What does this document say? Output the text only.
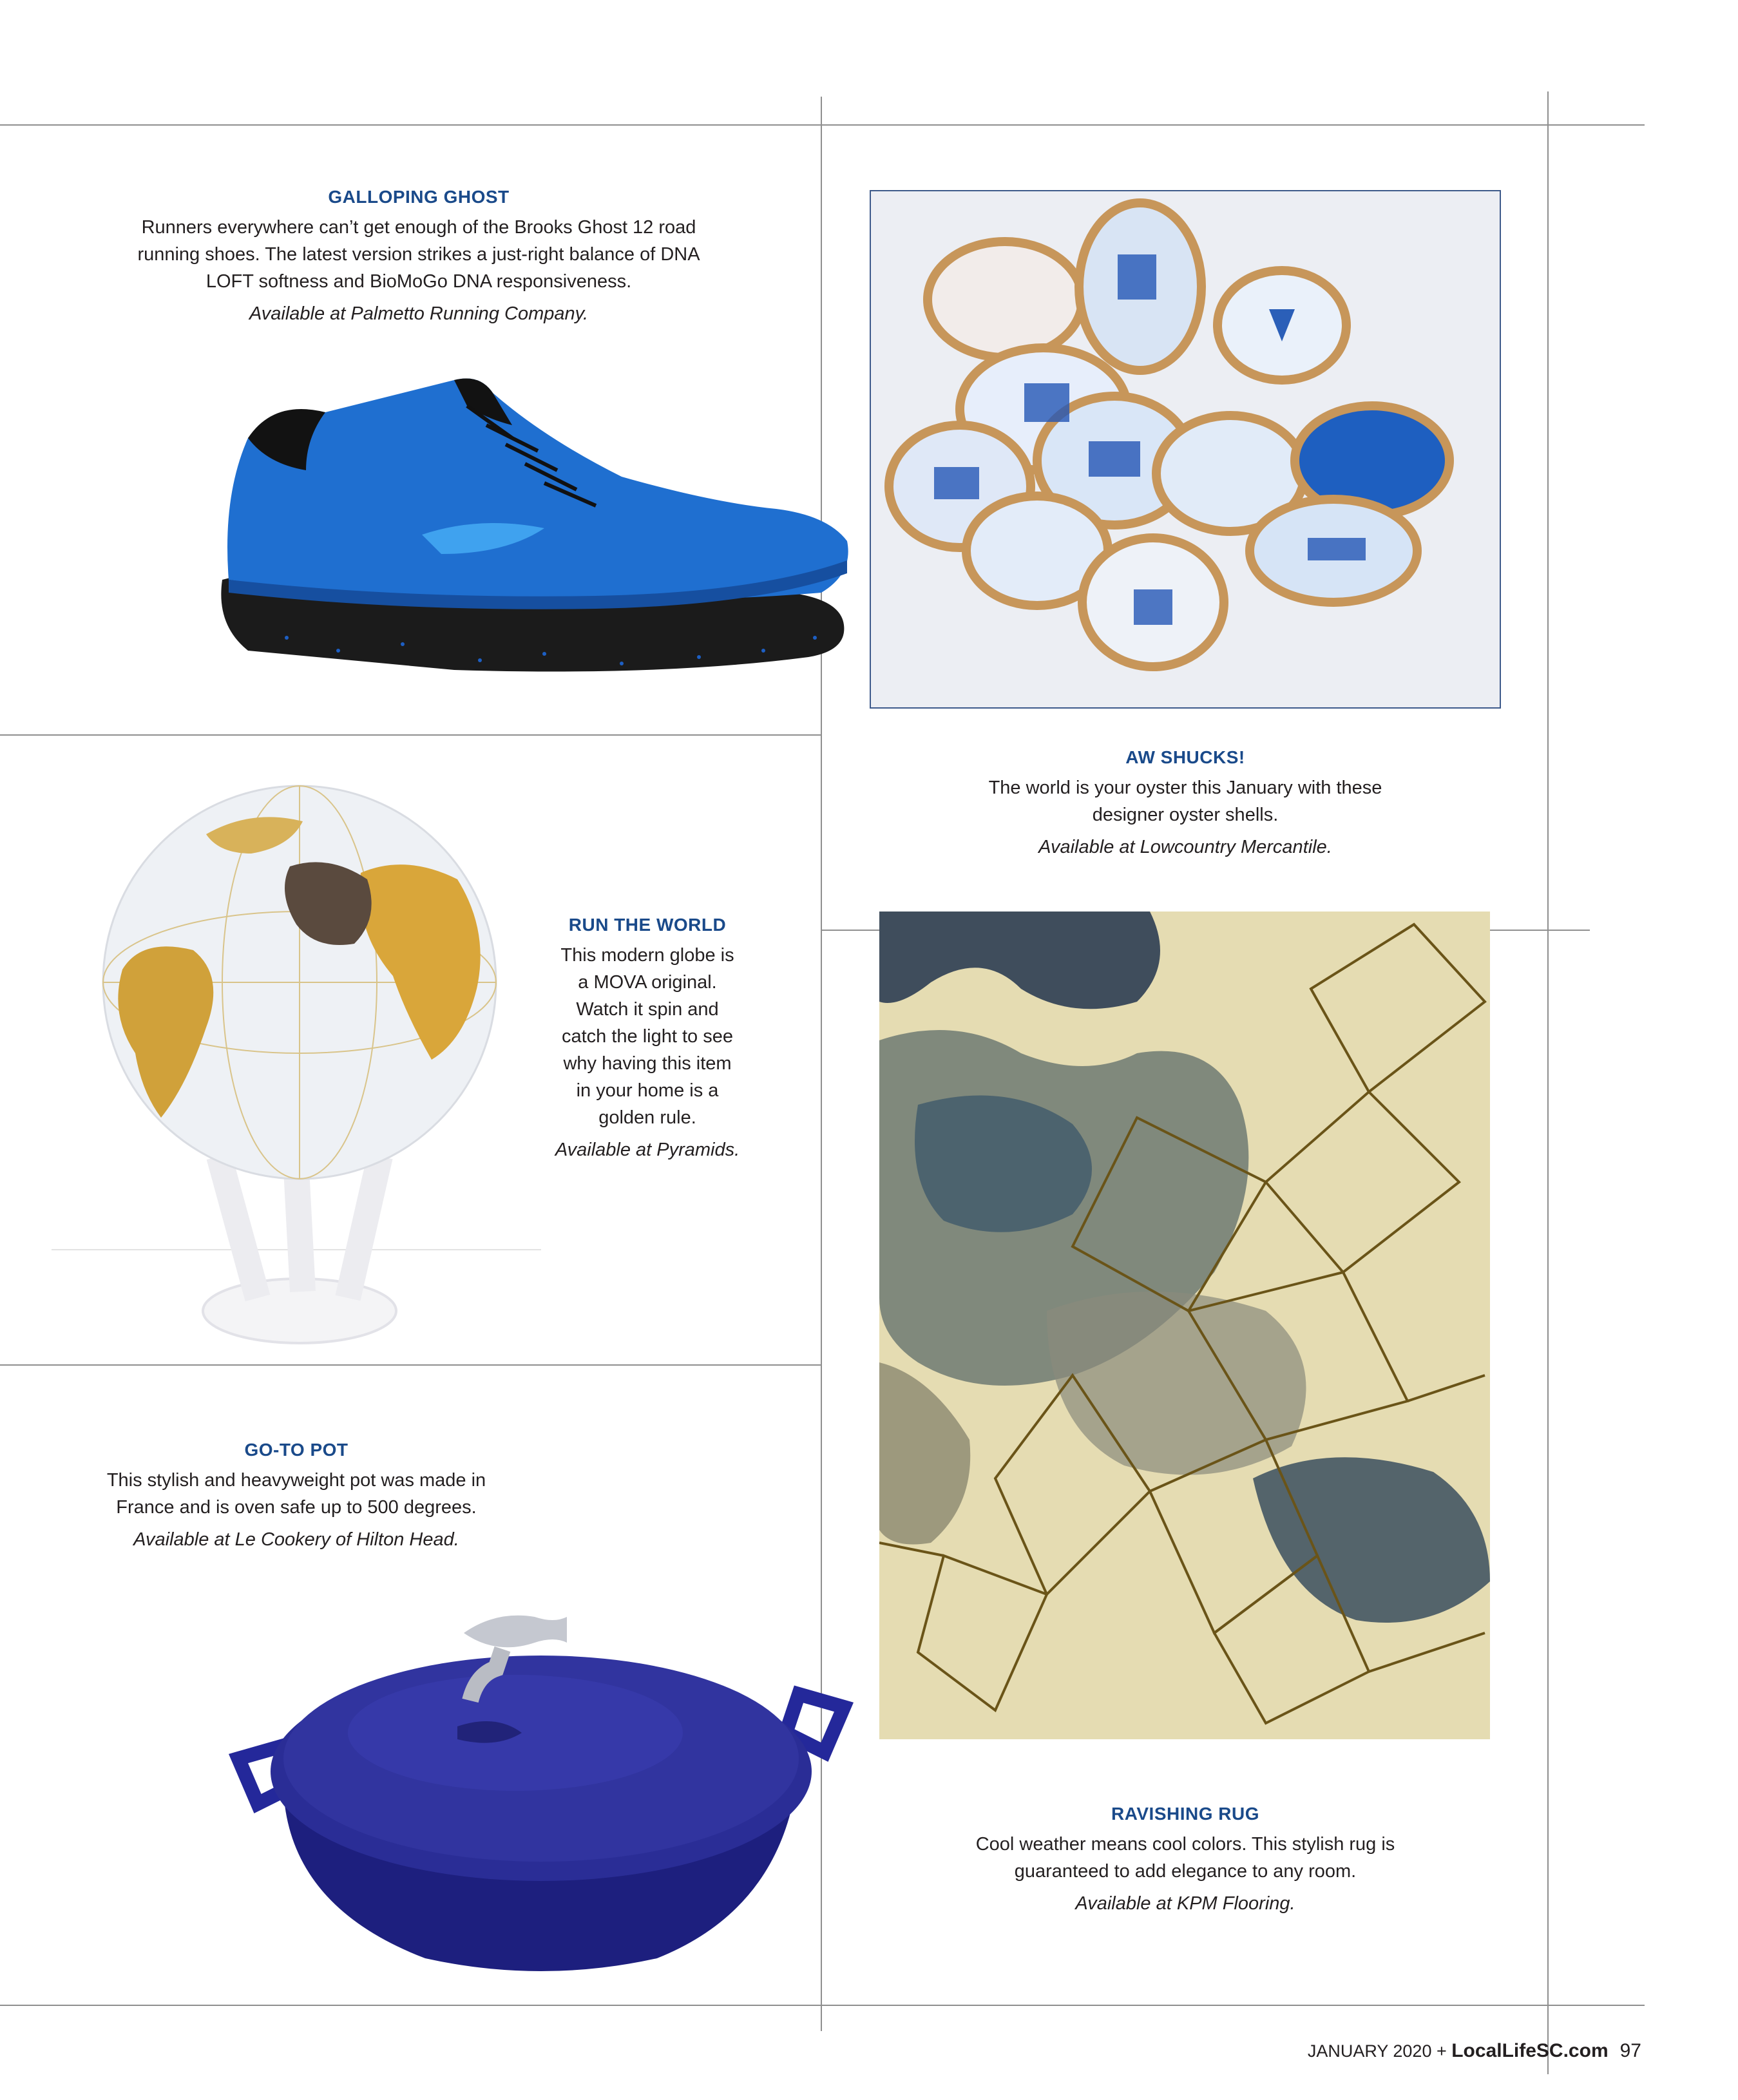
GALLOPING GHOST

Runners everywhere can’t get enough of the Brooks Ghost 12 road running shoes. The latest version strikes a just-right balance of DNA LOFT softness and BioMoGo DNA responsiveness.

Available at Palmetto Running Company.

AW SHUCKS!

The world is your oyster this January with these designer oyster shells.

Available at Lowcountry Mercantile.

RUN THE WORLD

This modern globe is a MOVA original. Watch it spin and catch the light to see why having this item in your home is a golden rule.

Available at Pyramids.

GO-TO POT

This stylish and heavyweight pot was made in France and is oven safe up to 500 degrees.

Available at Le Cookery of Hilton Head.

RAVISHING RUG

Cool weather means cool colors. This stylish rug is guaranteed to add elegance to any room.

Available at KPM Flooring.

JANUARY 2020 + LocalLifeSC.com 97
